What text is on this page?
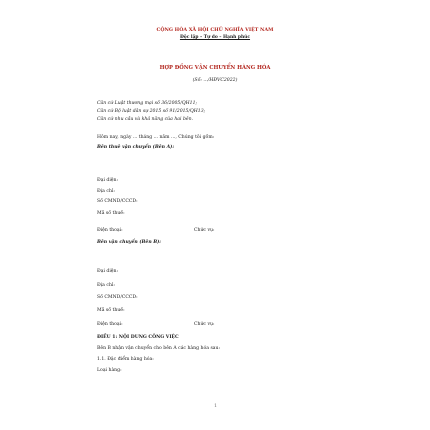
CỘNG HÒA XÃ HỘI CHỦ NGHĨA VIỆT NAM
Độc lập – Tự do – Hạnh phúc
HỢP ĐỒNG VẬN CHUYỂN HÀNG HÓA
(Số: .../HĐVC2022)
Căn cứ Luật thương mại số 36/2005/QH11;
Căn cứ Bộ luật dân sự 2015 số 91/2015/QH13;
Căn cứ nhu cầu và khả năng của hai bên.
Hôm nay, ngày ... tháng ... năm ..., Chúng tôi gồm:
Bên thuê vận chuyển (Bên A):
Đại diện:
Địa chỉ:
Số CMND/CCCD:
Mã số thuế:
Điện thoại:	Chức vụ:
Bên vận chuyển (Bên B):
Đại diện:
Địa chỉ:
Số CMND/CCCD:
Mã số thuế:
Điện thoại:	Chức vụ:
ĐIỀU 1: NỘI DUNG CÔNG VIỆC
Bên B nhận vận chuyển cho bên A các hàng hóa sau:
1.1. Đặc điểm hàng hóa:
Loại hàng:
1
